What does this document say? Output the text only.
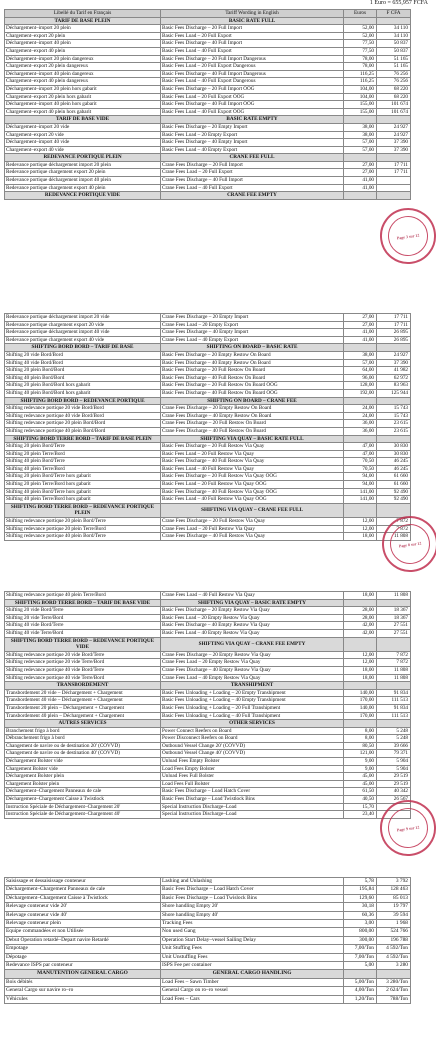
1 Euro = 655,957 FCFA
Libellé du Tarif en Français	Tariff Wording in English	Euros	F CFA
TARIF DE BASE PLEIN	BASIC RATE FULL		
Déchargement–import 20 plein	Basic Fees Discharge – 20 Full Import	52,00	34 110
Chargement–export 20 plein	Basic Fees Load – 20 Full Export	52,00	34 110
Déchargement–import 40 plein	Basic Fees Discharge – 40 Full Import	77,50	50 837
Chargement–export 40 plein	Basic Fees Load – 40 Full Export	77,50	50 837
Déchargement–import 20 plein dangereux	Basic Fees Discharge – 20 Full Import Dangerous	78,00	51 165
Chargement–export 20 plein dangereux	Basic Fees Load – 20 Full Export Dangerous	78,00	51 165
Déchargement–import 40 plein dangereux	Basic Fees Discharge – 40 Full Import Dangerous	116,25	76 256
Chargement–export 40 plein dangereux	Basic Fees Load – 40 Full Export Dangerous	116,25	76 256
Déchargement–import 20 plein hors gabarit	Basic Fees Discharge – 20 Full Import OOG	104,00	68 220
Chargement–export 20 plein hors gabarit	Basic Fees Load – 20 Full Export OOG	104,00	68 220
Déchargement–import 40 plein hors gabarit	Basic Fees Discharge – 40 Full Import OOG	155,00	101 674
Chargement–export 40 plein hors gabarit	Basic Fees Load – 40 Full Export OOG	155,00	101 674
TARIF DE BASE VIDE	BASIC RATE EMPTY		
Déchargement–import 20 vide	Basic Fees Discharge – 20 Empty Import	38,00	24 927
Chargement–export 20 vide	Basic Fees Load – 20 Empty Export	38,00	24 927
Déchargement–import 40 vide	Basic Fees Discharge – 40 Empty Import	57,00	37 390
Chargement–export 40 vide	Basic Fees Load – 40 Empty Export	57,00	37 390
REDEVANCE PORTIQUE PLEIN	CRANE FEE FULL		
Redevance portique déchargement import 20 plein	Crane Fees Discharge – 20 Full Import	27,00	17 711
Redevance portique chargement export 20 plein	Crane Fees Load – 20 Full Export	27,00	17 711
Redevance portique déchargement import 40 plein	Crane Fees Discharge – 40 Full Import	41,00	
Redevance portique chargement export 40 plein	Crane Fees Load – 40 Full Export	41,00	
REDEVANCE PORTIQUE VIDE	CRANE FEE EMPTY		
Page 3 sur 12
Redevance portique déchargement import 20 vide	Crane Fees Discharge – 20 Empty Import	27,00	17 711
Redevance portique chargement export 20 vide	Crane Fees Load – 20 Empty Export	27,00	17 711
Redevance portique déchargement import 40 vide	Crane Fees Discharge – 40 Empty Import	41,00	26 895
Redevance portique chargement export 40 vide	Crane Fees Load – 40 Empty Export	41,00	26 895
SHIFTING BORD BORD – TARIF DE BASE	SHIFTING ON BOARD – BASIC RATE		
Shifting 20 vide Bord/Bord	Basic Fees Discharge – 20 Empty Restow On Board	38,00	24 927
Shifting 40 vide Bord/Bord	Basic Fees Discharge – 40 Empty Restow On Board	57,00	37 390
Shifting 20 plein Bord/Bord	Basic Fees Discharge – 20 Full Restow On Board	64,00	41 982
Shifting 40 plein Bord/Bord	Basic Fees Discharge – 40 Full Restow On Board	96,00	62 972
Shifting 20 plein Bord/Bord hors gabarit	Basic Fees Discharge – 20 Full Restow On Board OOG	128,00	83 963
Shifting 40 plein Bord/Bord hors gabarit	Basic Fees Discharge – 40 Full Restow On Board OOG	192,00	125 944
SHIFTING BORD BORD – REDEVANCE PORTIQUE	SHIFTING ON BOARD – CRANE FEE		
Shifting redevance portique 20 vide Bord/Bord	Crane Fees Discharge – 20 Empty Restow On Board	24,00	15 743
Shifting redevance portique 40 vide Bord/Bord	Crane Fees Discharge – 40 Empty Restow On Board	24,00	15 743
Shifting redevance portique 20 plein Bord/Bord	Crane Fees Discharge – 20 Full Restow On Board	36,00	23 615
Shifting redevance portique 40 plein Bord/Bord	Crane Fees Discharge – 40 Full Restow On Board	36,00	23 615
SHIFTING BORD TERRE BORD – TARIF DE BASE PLEIN	SHIFTING VIA QUAY – BASIC RATE FULL		
Shifting 20 plein Bord/Terre	Basic Fees Discharge – 20 Full Restow Via Quay	47,00	30 830
Shifting 20 plein Terre/Bord	Basic Fees Load – 20 Full Restow Via Quay	47,00	30 830
Shifting 40 plein Bord/Terre	Basic Fees Discharge – 40 Full Restow Via Quay	70,50	46 245
Shifting 40 plein Terre/Bord	Basic Fees Load – 40 Full Restow Via Quay	70,50	46 245
Shifting 20 plein Bord/Terre hors gabarit	Basic Fees Discharge – 20 Full Restow Via Quay OOG	94,00	61 660
Shifting 20 plein Terre/Bord hors gabarit	Basic Fees Load – 20 Full Restow Via Quay OOG	94,00	61 660
Shifting 40 plein Bord/Terre hors gabarit	Basic Fees Discharge – 40 Full Restow Via Quay OOG	141,00	92 490
Shifting 40 plein Terre/Bord hors gabarit	Basic Fees Load – 40 Full Restow Via Quay OOG	141,00	92 490
SHIFTING BORD TERRE BORD – REDEVANCE PORTIQUE PLEIN	SHIFTING VIA QUAY – CRANE FEE FULL		
Shifting redevance portique 20 plein Bord/Terre	Crane Fees Discharge – 20 Full Restow Via Quay	12,00	7 872
Shifting redevance portique 20 plein Terre/Bord	Crane Fees Load – 20 Full Restow Via Quay	12,00	7 872
Shifting redevance portique 40 plein Bord/Terre	Crane Fees Discharge – 40 Full Restow Via Quay	18,00	11 808
Page 8 sur 12
Shifting redevance portique 40 plein Terre/Bord	Crane Fees Load – 40 Full Restow Via Quay	18,00	11 808
SHIFTING BORD TERRE BORD – TARIF DE BASE VIDE	SHIFTING VIA QUAY – BASIC RATE EMPTY		
Shifting 20 vide Bord/Terre	Basic Fees Discharge – 20 Empty Restow Via Quay	28,00	18 367
Shifting 20 vide Terre/Bord	Basic Fees Load – 20 Empty Restow Via Quay	28,00	18 367
Shifting 40 vide Bord/Terre	Basic Fees Discharge – 40 Empty Restow Via Quay	42,00	27 551
Shifting 40 vide Terre/Bord	Basic Fees Load – 40 Empty Restow Via Quay	42,00	27 551
SHIFTING BORD TERRE BORD – REDEVANCE PORTIQUE VIDE	SHIFTING VIA QUAY – CRANE FEE EMPTY		
Shifting redevance portique 20 vide Bord/Terre	Crane Fees Discharge – 20 Empty Restow Via Quay	12,00	7 872
Shifting redevance portique 20 vide Terre/Bord	Crane Fees Load – 20 Empty Restow Via Quay	12,00	7 872
Shifting redevance portique 40 vide Bord/Terre	Crane Fees Discharge – 40 Empty Restow Via Quay	18,00	11 808
Shifting redevance portique 40 vide Terre/Bord	Crane Fees Load – 40 Empty Restow Via Quay	18,00	11 808
TRANSBORDEMENT	TRANSHIPMENT		
Transbordement 20 vide – Déchargement + Chargement	Basic Fees Unloading + Loading – 20 Empty Transhipment	140,00	91 834
Transbordement 40 vide – Déchargement + Chargement	Basic Fees Unloading + Loading – 40 Empty Transhipment	170,00	111 513
Transbordement 20 plein – Déchargement + Chargement	Basic Fees Unloading + Loading – 20 Full Transhipment	140,00	91 834
Transbordement 40 plein – Déchargement + Chargement	Basic Fees Unloading + Loading – 40 Full Transhipment	170,00	111 513
AUTRES SERVICES	OTHER SERVICES		
Branchement frigo à bord	Power Connect Reefers on Board	8,00	5 248
Débranchement frigo à bord	Power Disconnect Reefers on Board	8,00	5 248
Changement de navire ou de destination 20' (COVVD)	Outbound Vessel Change 20' (COVVD)	80,50	39 666
Changement de navire ou de destination 40' (COVVD)	Outbound Vessel Change 40' (COVVD)	121,00	79 371
Déchargement Bolster vide	Unload Fees Empty Bolster	9,00	5 904
Chargement Bolster vide	Load Fees Empty Bolster	9,00	5 904
Déchargement Bolster plein	Unload Fees Full Bolster	45,00	29 519
Chargement Bolster plein	Load Fees Full Bolster	45,00	29 519
Déchargement–Chargement Panneaux de cale	Basic Fees Discharge – Load Hatch Cover	61,50	40 342
Déchargement–Chargement Caisse à Twistlock	Basic Fees Discharge – Load Twistlock Bins	40,50	26 567
Instruction Spéciale de Déchargement–Chargement 20'	Special Instruction Discharge–Load	15,70	
Instruction Spéciale de Déchargement–Chargement 40'	Special Instruction Discharge–Load	23,40	
Page 9 sur 12
Saisissage et dessaisissage conteneur	Lashing and Unlashing	5,78	3 792
Déchargement–Chargement Panneaux de cale	Basic Fees Discharge – Load Hatch Cover	195,84	128 463
Déchargement–Chargement Caisse à Twistlock	Basic Fees Discharge – Load Twislock Bins	129,60	85 013
Relevage conteneur vide 20'	Shore handling Empty 20'	30,18	19 797
Relevage conteneur vide 40'	Shore handling Empty 40'	60,36	39 594
Relevage conteneur plein	Tracking Fees	3,00	1 968
Equipe commandées et non Utilisée	Non used Gang	800,00	524 766
Debut Operation retardé–Depart navire Retardé	Operation Start Delay–vessel Sailing Delay	300,00	196 788
Empotage	Unit Stuffing Fees	7,00/Ton	4 592/Ton
Dépotage	Unit Unstuffing Fees	7,00/Ton	4 592/Ton
Redevance ISPS par conteneur	ISPS Fee per container	5,00	3 280
MANUTENTION GENERAL CARGO	GENERAL CARGO HANDLING		
Bois débités	Load Fees – Sawn Timber	5,00/Ton	3 280/Ton
General Cargo sur navire ro–ro	General Cargo on ro–ro vessel	4,00/Ton	2 624/Ton
Véhicules	Load Fees – Cars	1,20/Ton	788/Ton
